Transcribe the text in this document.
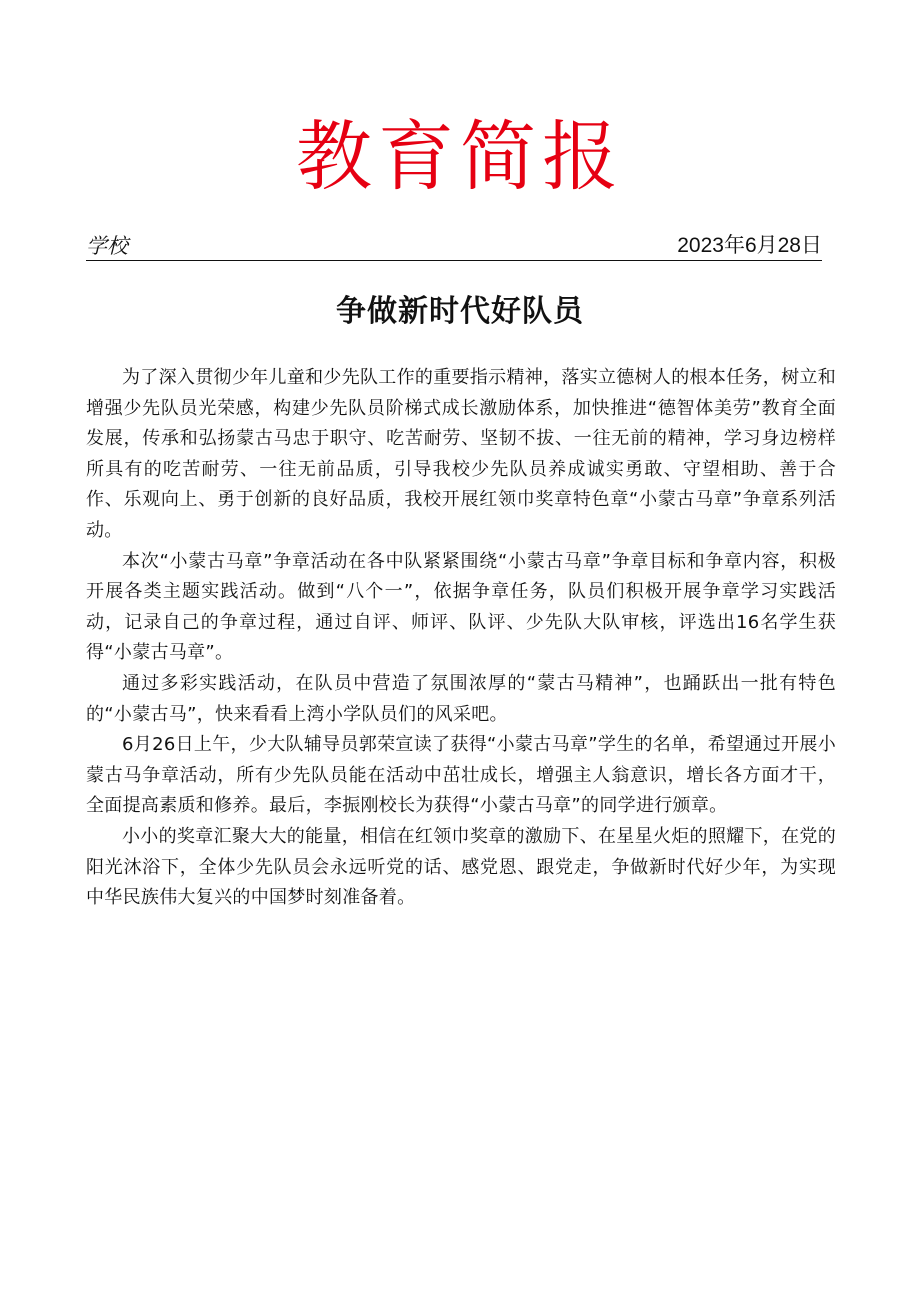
教育简报
学校	2023年6月28日
争做新时代好队员

为了深入贯彻少年儿童和少先队工作的重要指示精神，落实立德树人的根本任务，树立和增强少先队员光荣感，构建少先队员阶梯式成长激励体系，加快推进“德智体美劳”教育全面发展，传承和弘扬蒙古马忠于职守、吃苦耐劳、坚韧不拔、一往无前的精神，学习身边榜样所具有的吃苦耐劳、一往无前品质，引导我校少先队员养成诚实勇敢、守望相助、善于合作、乐观向上、勇于创新的良好品质，我校开展红领巾奖章特色章“小蒙古马章”争章系列活动。

本次“小蒙古马章”争章活动在各中队紧紧围绕“小蒙古马章”争章目标和争章内容，积极开展各类主题实践活动。做到“八个一”，依据争章任务，队员们积极开展争章学习实践活动，记录自己的争章过程，通过自评、师评、队评、少先队大队审核，评选出16名学生获得“小蒙古马章”。

通过多彩实践活动，在队员中营造了氛围浓厚的“蒙古马精神”，也踊跃出一批有特色的“小蒙古马”，快来看看上湾小学队员们的风采吧。

6月26日上午，少大队辅导员郭荣宣读了获得“小蒙古马章”学生的名单，希望通过开展小蒙古马争章活动，所有少先队员能在活动中茁壮成长，增强主人翁意识，增长各方面才干，全面提高素质和修养。最后，李振刚校长为获得“小蒙古马章”的同学进行颁章。

小小的奖章汇聚大大的能量，相信在红领巾奖章的激励下、在星星火炬的照耀下，在党的阳光沐浴下，全体少先队员会永远听党的话、感党恩、跟党走，争做新时代好少年，为实现中华民族伟大复兴的中国梦时刻准备着。
